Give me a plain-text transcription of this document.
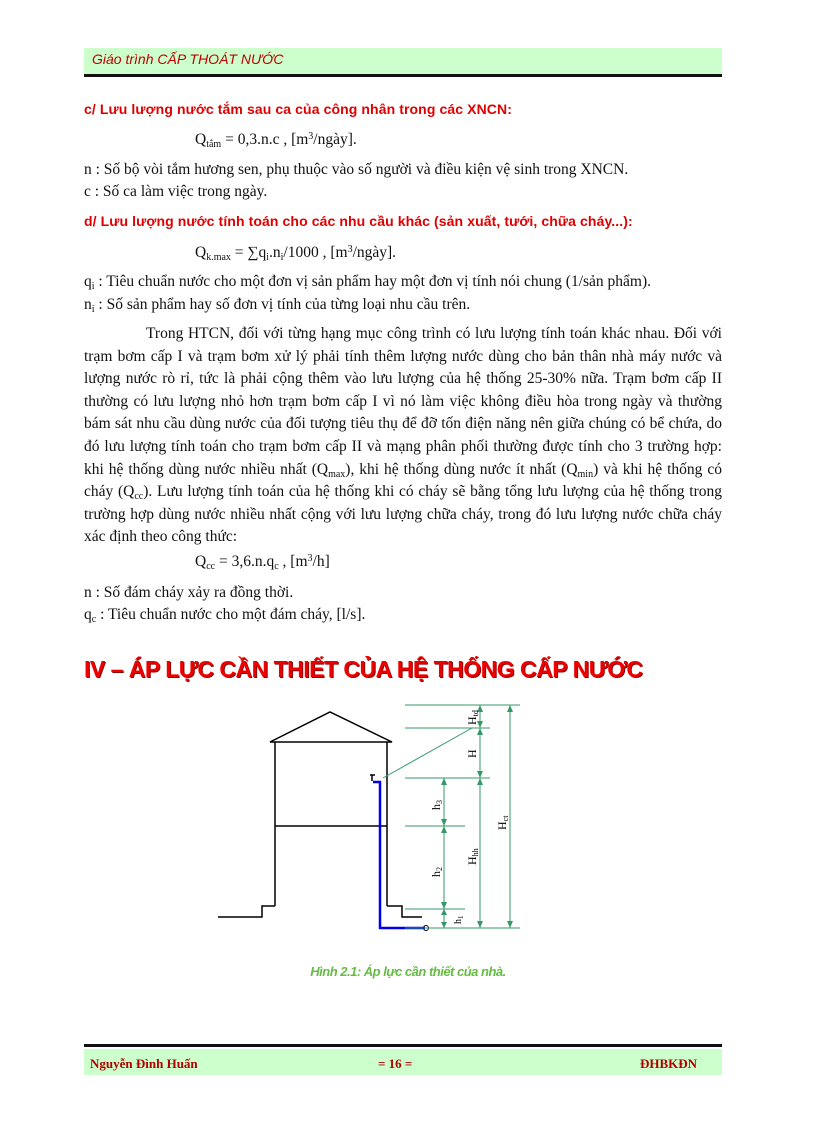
Giáo trình CẤP THOÁT NƯỚC
c/ Lưu lượng nước tắm sau ca của công nhân trong các XNCN:
$Q_{tắm} = 0,3.n.c$ , $[m^3/ngày]$.
n : Số bộ vòi tắm hương sen, phụ thuộc vào số người và điều kiện vệ sinh trong XNCN.
c : Số ca làm việc trong ngày.
d/ Lưu lượng nước tính toán cho các nhu cầu khác (sản xuất, tưới, chữa cháy...):
$Q_{k.max} = \sum q_i.n_i/1000$ , $[m^3/ngày]$.
$q_i$ : Tiêu chuẩn nước cho một đơn vị sản phẩm hay một đơn vị tính nói chung (1/sản phẩm).
$n_i$ : Số sản phẩm hay số đơn vị tính của từng loại nhu cầu trên.
Trong HTCN, đối với từng hạng mục công trình có lưu lượng tính toán khác nhau. Đối với trạm bơm cấp I và trạm bơm xử lý phải tính thêm lượng nước dùng cho bản thân nhà máy nước và lượng nước rò rỉ, tức là phải cộng thêm vào lưu lượng của hệ thống 25-30% nữa. Trạm bơm cấp II thường có lưu lượng nhỏ hơn trạm bơm cấp I vì nó làm việc không điều hòa trong ngày và thường bám sát nhu cầu dùng nước của đối tượng tiêu thụ để đỡ tốn điện năng nên giữa chúng có bể chứa, do đó lưu lượng tính toán cho trạm bơm cấp II và mạng phân phối thường được tính cho 3 trường hợp: khi hệ thống dùng nước nhiều nhất $(Q_{max})$, khi hệ thống dùng nước ít nhất $(Q_{min})$ và khi hệ thống có cháy $(Q_{cc})$. Lưu lượng tính toán của hệ thống khi có cháy sẽ bằng tổng lưu lượng của hệ thống trong trường hợp dùng nước nhiều nhất cộng với lưu lượng chữa cháy, trong đó lưu lượng nước chữa cháy xác định theo công thức:
$Q_{cc} = 3,6.n.q_c$ , $[m^3/h]$
n : Số đám cháy xảy ra đồng thời.
$q_c$ : Tiêu chuẩn nước cho một đám cháy, [l/s].
IV – ÁP LỰC CẦN THIẾT CỦA HỆ THỐNG CẤP NƯỚC
Htd
H
h3
Hhh
h2
$h_1$
Hct
Hình 2.1: Áp lực cần thiết của nhà.
Nguyễn Đình Huấn	= 16 =	ĐHBKĐN
